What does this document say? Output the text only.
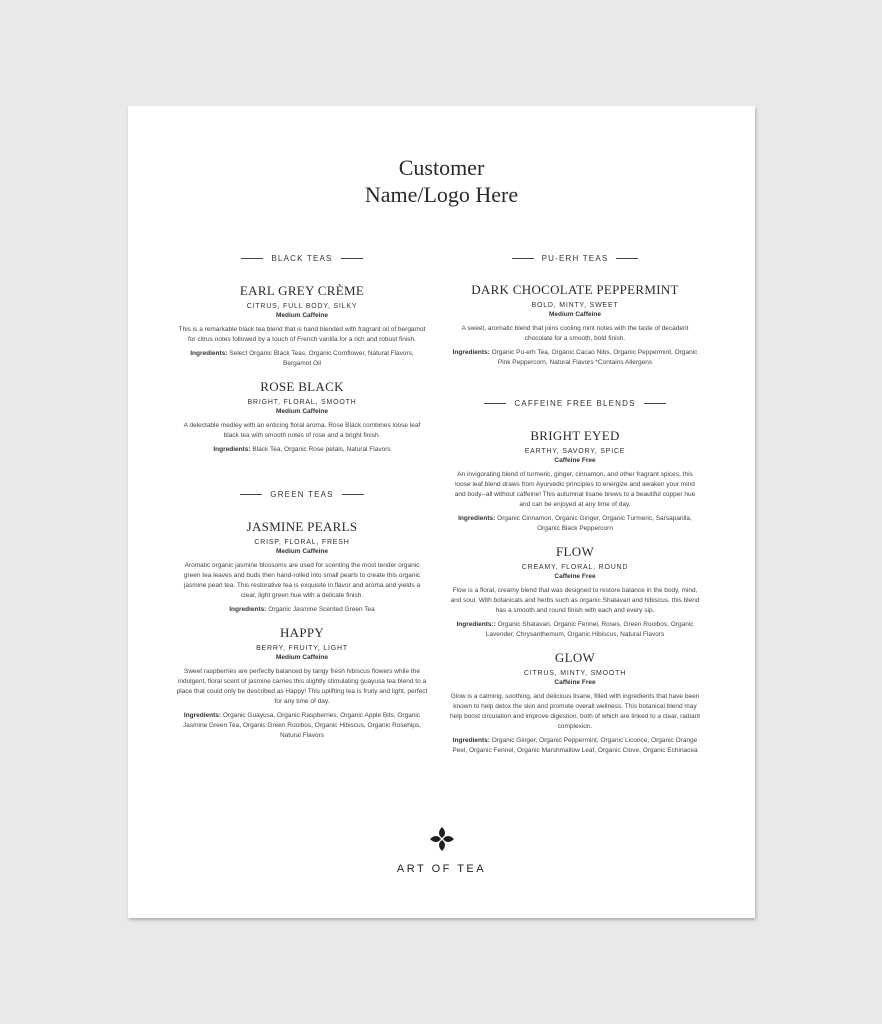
Customer
Name/Logo Here
BLACK TEAS
EARL GREY CRÈME
CITRUS, FULL BODY, SILKY
Medium Caffeine
This is a remarkable black tea blend that is hand blended with fragrant oil of bergamot for citrus notes followed by a touch of French vanilla for a rich and robust finish.
Ingredients: Select Organic Black Teas, Organic Cornflower, Natural Flavors, Bergamot Oil
ROSE BLACK
BRIGHT, FLORAL, SMOOTH
Medium Caffeine
A delectable medley with an enticing floral aroma. Rose Black combines loose leaf black tea with smooth notes of rose and a bright finish.
Ingredients: Black Tea, Organic Rose petals, Natural Flavors
GREEN TEAS
JASMINE PEARLS
CRISP, FLORAL, FRESH
Medium Caffeine
Aromatic organic jasmine blossoms are used for scenting the most tender organic green tea leaves and buds then hand-rolled into small pearls to create this organic jasmine pearl tea. This restorative tea is exquisite in flavor and aroma and yields a clear, light green hue with a delicate finish.
Ingredients: Organic Jasmine Scented Green Tea
HAPPY
BERRY, FRUITY, LIGHT
Medium Caffeine
Sweet raspberries are perfectly balanced by tangy fresh hibiscus flowers while the indulgent, floral scent of jasmine carries this slightly stimulating guayusa tea blend to a place that could only be described as Happy! This uplifting tea is fruity and light, perfect for any time of day.
Ingredients: Organic Guayusa, Organic Raspberries, Organic Apple Bits, Organic Jasmine Green Tea, Organic Green Rooibos, Organic Hibiscus, Organic Rosehips, Natural Flavors
PU-ERH TEAS
DARK CHOCOLATE PEPPERMINT
BOLD, MINTY, SWEET
Medium Caffeine
A sweet, aromatic blend that joins cooling mint notes with the taste of decadent chocolate for a smooth, bold finish.
Ingredients: Organic Pu-erh Tea, Organic Cacao Nibs, Organic Peppermint, Organic Pink Peppercorn, Natural Flavors *Contains Allergens
CAFFEINE FREE BLENDS
BRIGHT EYED
EARTHY, SAVORY, SPICE
Caffeine Free
An invigorating blend of turmeric, ginger, cinnamon, and other fragrant spices, this loose leaf blend draws from Ayurvedic principles to energize and awaken your mind and body--all without caffeine! This autumnal tisane brews to a beautiful copper hue and can be enjoyed at any time of day.
Ingredients: Organic Cinnamon, Organic Ginger, Organic Turmeric, Sarsaparilla, Organic Black Peppercorn
FLOW
CREAMY, FLORAL, ROUND
Caffeine Free
Flow is a floral, creamy blend that was designed to restore balance in the body, mind, and soul. With botanicals and herbs such as organic Shatavari and hibiscus, this blend has a smooth and round finish with each and every sip.
Ingredients:: Organic Shatavari, Organic Fennel, Roses, Green Rooibos, Organic Lavender, Chrysanthemum, Organic Hibiscus, Natural Flavors
GLOW
CITRUS, MINTY, SMOOTH
Caffeine Free
Glow is a calming, soothing, and delicious tisane, filled with ingredients that have been known to help detox the skin and promote overall wellness. This botanical blend may help boost circulation and improve digestion, both of which are linked to a clear, radiant complexion.
Ingredients: Organic Ginger, Organic Peppermint, Organic Licorice, Organic Orange Peel, Organic Fennel, Organic Marshmallow Leaf, Organic Clove, Organic Echinacea
ART OF TEA
